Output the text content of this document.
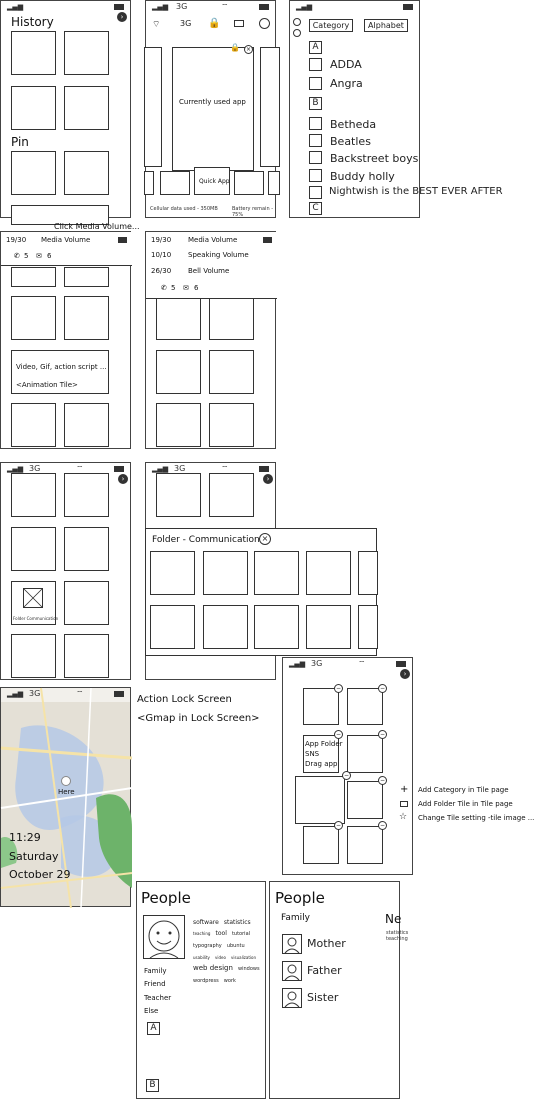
▂▄▆
History	›
Pin
▂▄▆ 3G	⌔
⌔ 3G 🔒
Currently used app
🔒	×
Quick App
Cellular data used - 350MB	Battery remain - 75%
▂▄▆
Category	Alphabet
A
ADDA
Angra
B
Betheda
Beatles
Backstreet boys
Buddy holly
C
Nightwish is the BEST EVER AFTER
Click Media Volume...
Video, Gif, action script ...
<Animation Tile>
19/30 Media Volume
✆ 5 ✉ 6
19/30 Media Volume
10/10 Speaking Volume
26/30 Bell Volume
✆ 5 ✉ 6
▂▄▆ 3G	⌔
Folder Communication
›
▂▄▆ 3G	⌔
›
Folder - Communication ×
▂▄▆ 3G	⌔
Here
11:29
Saturday
October 29
Action Lock Screen
<Gmap in Lock Screen>
▂▄▆ 3G	⌔
›
−	−
App Folder
SNS
Drag app
−	−
−
−
−	−
+ Add Category in Tile page
Add Folder Tile in Tile page
☆ Change Tile setting -tile image ...
People
software statistics teaching tool tutorial typography ubuntu usability video visualization web design windows wordpress work
Family
Friend
Teacher
Else
A
B
People
Family	Ne
statistics
teaching
Mother
Father
Sister
